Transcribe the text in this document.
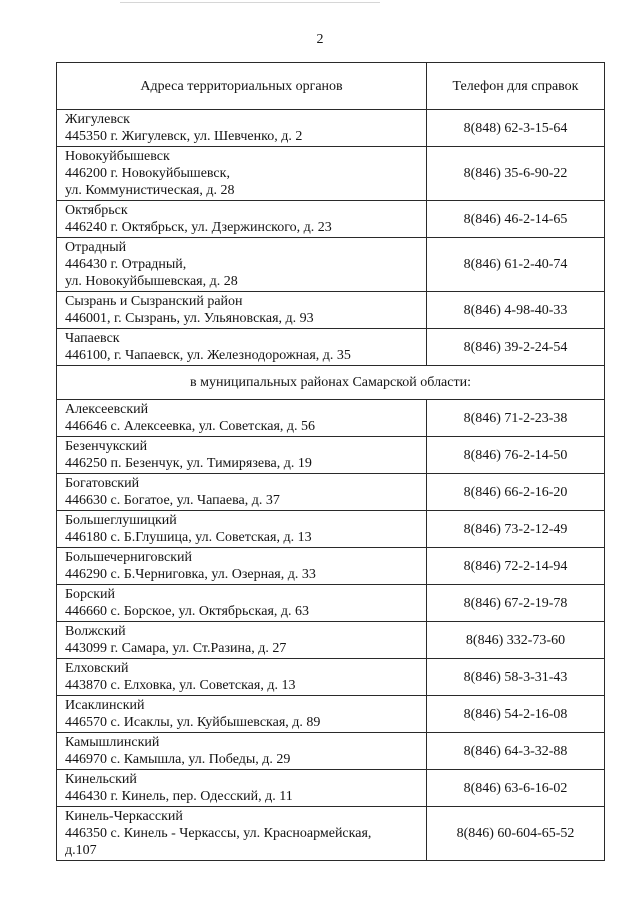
2
Адреса территориальных органов	Телефон для справок

Жигулевск
445350 г. Жигулевск, ул. Шевченко, д. 2	8(848) 62-3-15-64

Новокуйбышевск
446200 г. Новокуйбышевск,
ул. Коммунистическая, д. 28	8(846) 35-6-90-22

Октябрьск
446240 г. Октябрьск, ул. Дзержинского, д. 23	8(846) 46-2-14-65

Отрадный
446430 г. Отрадный,
ул. Новокуйбышевская, д. 28	8(846) 61-2-40-74

Сызрань и Сызранский район
446001, г. Сызрань, ул. Ульяновская, д. 93	8(846) 4-98-40-33

Чапаевск
446100, г. Чапаевск, ул. Железнодорожная, д. 35	8(846) 39-2-24-54
в муниципальных районах Самарской области:	

Алексеевский
446646 с. Алексеевка, ул. Советская, д. 56	8(846) 71-2-23-38

Безенчукский
446250 п. Безенчук, ул. Тимирязева, д. 19	8(846) 76-2-14-50

Богатовский
446630 с. Богатое, ул. Чапаева, д. 37	8(846) 66-2-16-20

Большеглушицкий
446180 с. Б.Глушица, ул. Советская, д. 13	8(846) 73-2-12-49

Большечерниговский
446290 с. Б.Черниговка, ул. Озерная, д. 33	8(846) 72-2-14-94

Борский
446660 с. Борское, ул. Октябрьская, д. 63	8(846) 67-2-19-78

Волжский
443099 г. Самара, ул. Ст.Разина, д. 27	8(846) 332-73-60

Елховский
443870 с. Елховка, ул. Советская, д. 13	8(846) 58-3-31-43

Исаклинский
446570 с. Исаклы, ул. Куйбышевская, д. 89	8(846) 54-2-16-08

Камышлинский
446970 с. Камышла, ул. Победы, д. 29	8(846) 64-3-32-88

Кинельский
446430 г. Кинель, пер. Одесский, д. 11	8(846) 63-6-16-02

Кинель-Черкасский
446350 с. Кинель - Черкассы, ул. Красноармейская,
д.107	8(846) 60-604-65-52
